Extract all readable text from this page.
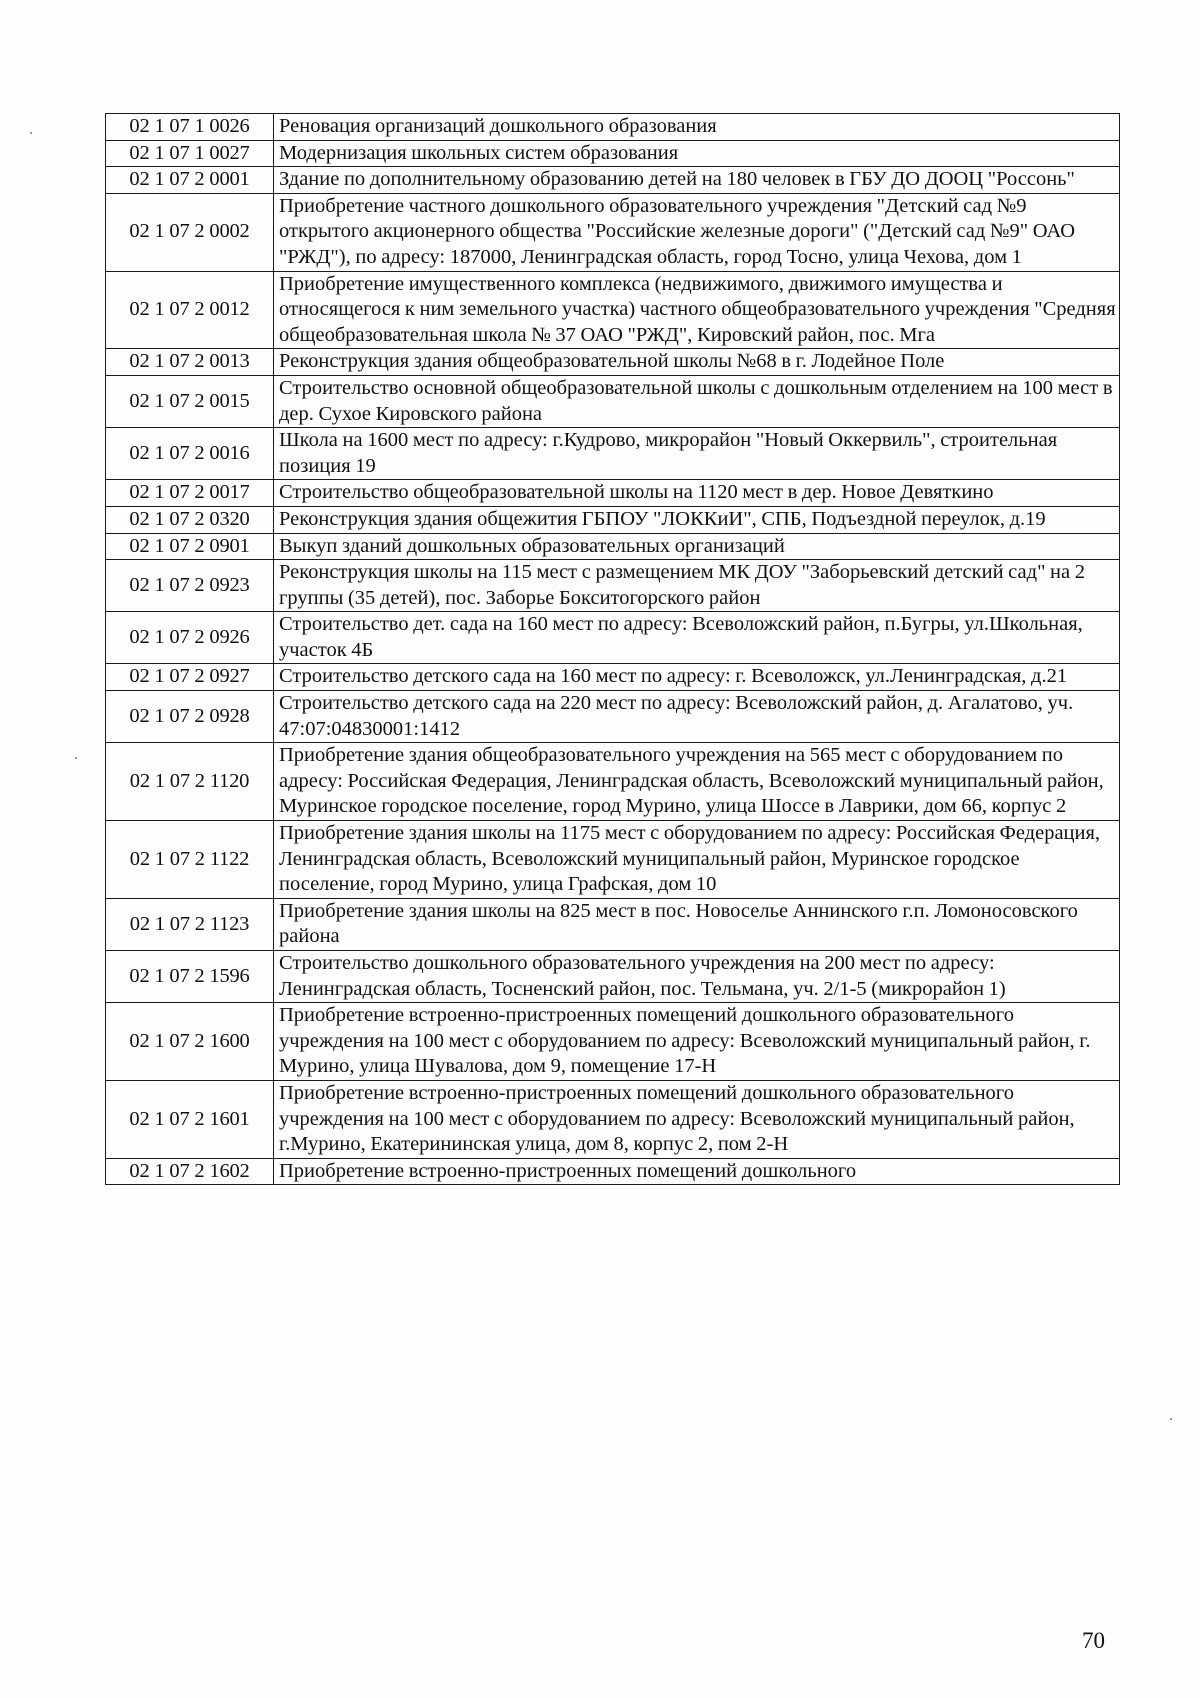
02 1 07 1 0026	Реновация организаций дошкольного образования
02 1 07 1 0027	Модернизация школьных систем образования
02 1 07 2 0001	Здание по дополнительному образованию детей на 180 человек в ГБУ ДО ДООЦ "Россонь"
02 1 07 2 0002	Приобретение частного дошкольного образовательного учреждения "Детский сад №9 открытого акционерного общества "Российские железные дороги" ("Детский сад №9" ОАО "РЖД"), по адресу: 187000, Ленинградская область, город Тосно, улица Чехова, дом 1
02 1 07 2 0012	Приобретение имущественного комплекса (недвижимого, движимого имущества и относящегося к ним земельного участка) частного общеобразовательного учреждения "Средняя общеобразовательная школа № 37 ОАО "РЖД", Кировский район, пос. Мга
02 1 07 2 0013	Реконструкция здания общеобразовательной школы №68 в г. Лодейное Поле
02 1 07 2 0015	Строительство основной общеобразовательной школы с дошкольным отделением на 100 мест в дер. Сухое Кировского района
02 1 07 2 0016	Школа на 1600 мест по адресу: г.Кудрово, микрорайон "Новый Оккервиль", строительная позиция 19
02 1 07 2 0017	Строительство общеобразовательной школы на 1120 мест в дер. Новое Девяткино
02 1 07 2 0320	Реконструкция здания общежития ГБПОУ "ЛОККиИ", СПБ, Подъездной переулок, д.19
02 1 07 2 0901	Выкуп зданий дошкольных образовательных организаций
02 1 07 2 0923	Реконструкция школы на 115 мест с размещением МК ДОУ "Заборьевский детский сад" на 2 группы (35 детей), пос. Заборье Бокситогорского район
02 1 07 2 0926	Строительство дет. сада на 160 мест по адресу: Всеволожский район, п.Бугры, ул.Школьная, участок 4Б
02 1 07 2 0927	Строительство детского сада на 160 мест по адресу: г. Всеволожск, ул.Ленинградская, д.21
02 1 07 2 0928	Строительство детского сада на 220 мест по адресу: Всеволожский район, д. Агалатово, уч. 47:07:04830001:1412
02 1 07 2 1120	Приобретение здания общеобразовательного учреждения на 565 мест с оборудованием по адресу: Российская Федерация, Ленинградская область, Всеволожский муниципальный район, Муринское городское поселение, город Мурино, улица Шоссе в Лаврики, дом 66, корпус 2
02 1 07 2 1122	Приобретение здания школы на 1175 мест с оборудованием по адресу: Российская Федерация, Ленинградская область, Всеволожский муниципальный район, Муринское городское поселение, город Мурино, улица Графская, дом 10
02 1 07 2 1123	Приобретение здания школы на 825 мест в пос. Новоселье Аннинского г.п. Ломоносовского района
02 1 07 2 1596	Строительство дошкольного образовательного учреждения на 200 мест по адресу: Ленинградская область, Тосненский район, пос. Тельмана, уч. 2/1-5 (микрорайон 1)
02 1 07 2 1600	Приобретение встроенно-пристроенных помещений дошкольного образовательного учреждения на 100 мест с оборудованием по адресу: Всеволожский муниципальный район, г. Мурино, улица Шувалова, дом 9, помещение 17-Н
02 1 07 2 1601	Приобретение встроенно-пристроенных помещений дошкольного образовательного учреждения на 100 мест с оборудованием по адресу: Всеволожский муниципальный район, г.Мурино, Екатерининская улица, дом 8, корпус 2, пом 2-Н
02 1 07 2 1602	Приобретение встроенно-пристроенных помещений дошкольного
70
